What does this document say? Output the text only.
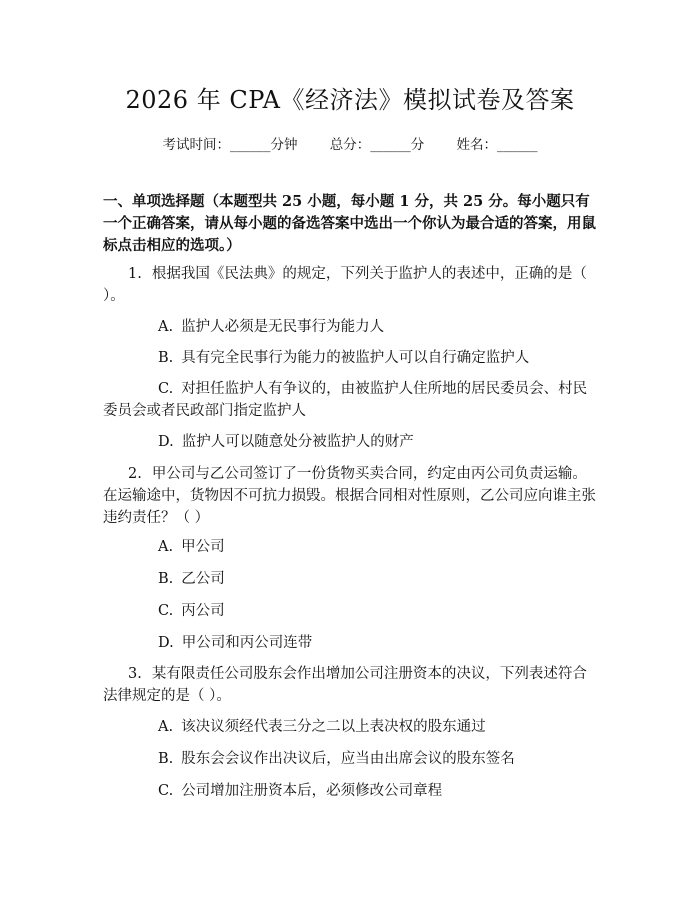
2026 年 CPA《经济法》模拟试卷及答案
考试时间：______分钟 总分：______分 姓名：______

一、单项选择题（本题型共 25 小题，每小题 1 分，共 25 分。每小题只有一个正确答案，请从每小题的备选答案中选出一个你认为最合适的答案，用鼠标点击相应的选项。）

1. 根据我国《民法典》的规定，下列关于监护人的表述中，正确的是（ ）。

A. 监护人必须是无民事行为能力人

B. 具有完全民事行为能力的被监护人可以自行确定监护人

C. 对担任监护人有争议的，由被监护人住所地的居民委员会、村民委员会或者民政部门指定监护人

D. 监护人可以随意处分被监护人的财产

2. 甲公司与乙公司签订了一份货物买卖合同，约定由丙公司负责运输。在运输途中，货物因不可抗力损毁。根据合同相对性原则，乙公司应向谁主张违约责任？（ ）

A. 甲公司

B. 乙公司

C. 丙公司

D. 甲公司和丙公司连带

3. 某有限责任公司股东会作出增加公司注册资本的决议，下列表述符合法律规定的是（ ）。

A. 该决议须经代表三分之二以上表决权的股东通过

B. 股东会会议作出决议后，应当由出席会议的股东签名

C. 公司增加注册资本后，必须修改公司章程
